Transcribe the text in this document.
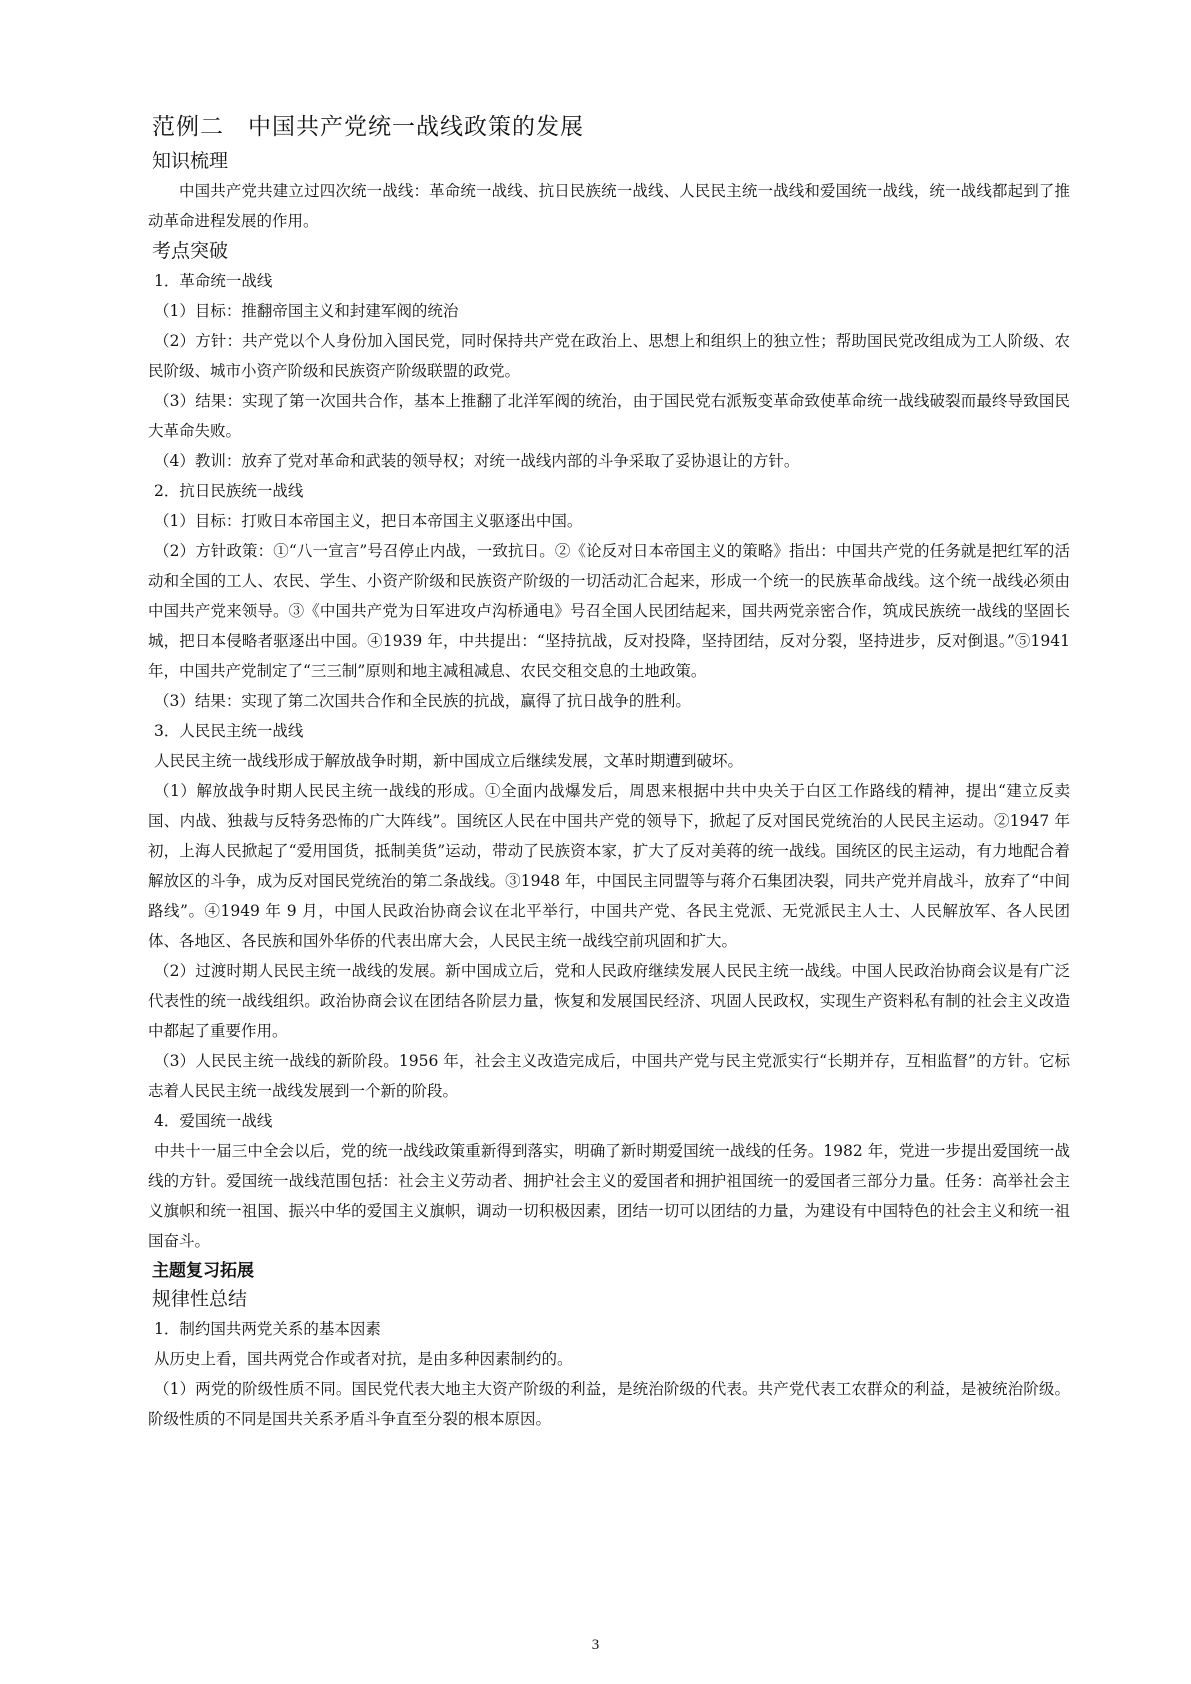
范例二　中国共产党统一战线政策的发展
知识梳理

中国共产党共建立过四次统一战线：革命统一战线、抗日民族统一战线、人民民主统一战线和爱国统一战线，统一战线都起到了推动革命进程发展的作用。

考点突破

1．革命统一战线

（1）目标：推翻帝国主义和封建军阀的统治

（2）方针：共产党以个人身份加入国民党，同时保持共产党在政治上、思想上和组织上的独立性；帮助国民党改组成为工人阶级、农民阶级、城市小资产阶级和民族资产阶级联盟的政党。

（3）结果：实现了第一次国共合作，基本上推翻了北洋军阀的统治，由于国民党右派叛变革命致使革命统一战线破裂而最终导致国民大革命失败。

（4）教训：放弃了党对革命和武装的领导权；对统一战线内部的斗争采取了妥协退让的方针。

2．抗日民族统一战线

（1）目标：打败日本帝国主义，把日本帝国主义驱逐出中国。

（2）方针政策：①“八一宣言”号召停止内战，一致抗日。②《论反对日本帝国主义的策略》指出：中国共产党的任务就是把红军的活动和全国的工人、农民、学生、小资产阶级和民族资产阶级的一切活动汇合起来，形成一个统一的民族革命战线。这个统一战线必须由中国共产党来领导。③《中国共产党为日军进攻卢沟桥通电》号召全国人民团结起来，国共两党亲密合作，筑成民族统一战线的坚固长城，把日本侵略者驱逐出中国。④1939 年，中共提出：“坚持抗战，反对投降，坚持团结，反对分裂，坚持进步，反对倒退。”⑤1941 年，中国共产党制定了“三三制”原则和地主减租减息、农民交租交息的土地政策。

（3）结果：实现了第二次国共合作和全民族的抗战，赢得了抗日战争的胜利。

3．人民民主统一战线

人民民主统一战线形成于解放战争时期，新中国成立后继续发展，文革时期遭到破坏。

（1）解放战争时期人民民主统一战线的形成。①全面内战爆发后，周恩来根据中共中央关于白区工作路线的精神，提出“建立反卖国、内战、独裁与反特务恐怖的广大阵线”。国统区人民在中国共产党的领导下，掀起了反对国民党统治的人民民主运动。②1947 年初，上海人民掀起了“爱用国货，抵制美货”运动，带动了民族资本家，扩大了反对美蒋的统一战线。国统区的民主运动，有力地配合着解放区的斗争，成为反对国民党统治的第二条战线。③1948 年，中国民主同盟等与蒋介石集团决裂，同共产党并肩战斗，放弃了“中间路线”。④1949 年 9 月，中国人民政治协商会议在北平举行，中国共产党、各民主党派、无党派民主人士、人民解放军、各人民团体、各地区、各民族和国外华侨的代表出席大会，人民民主统一战线空前巩固和扩大。

（2）过渡时期人民民主统一战线的发展。新中国成立后，党和人民政府继续发展人民民主统一战线。中国人民政治协商会议是有广泛代表性的统一战线组织。政治协商会议在团结各阶层力量，恢复和发展国民经济、巩固人民政权，实现生产资料私有制的社会主义改造中都起了重要作用。

（3）人民民主统一战线的新阶段。1956 年，社会主义改造完成后，中国共产党与民主党派实行“长期并存，互相监督”的方针。它标志着人民民主统一战线发展到一个新的阶段。

4．爱国统一战线

中共十一届三中全会以后，党的统一战线政策重新得到落实，明确了新时期爱国统一战线的任务。1982 年，党进一步提出爱国统一战线的方针。爱国统一战线范围包括：社会主义劳动者、拥护社会主义的爱国者和拥护祖国统一的爱国者三部分力量。任务：高举社会主义旗帜和统一祖国、振兴中华的爱国主义旗帜，调动一切积极因素，团结一切可以团结的力量，为建设有中国特色的社会主义和统一祖国奋斗。

主题复习拓展
规律性总结

1．制约国共两党关系的基本因素

从历史上看，国共两党合作或者对抗，是由多种因素制约的。

（1）两党的阶级性质不同。国民党代表大地主大资产阶级的利益，是统治阶级的代表。共产党代表工农群众的利益，是被统治阶级。阶级性质的不同是国共关系矛盾斗争直至分裂的根本原因。

3
